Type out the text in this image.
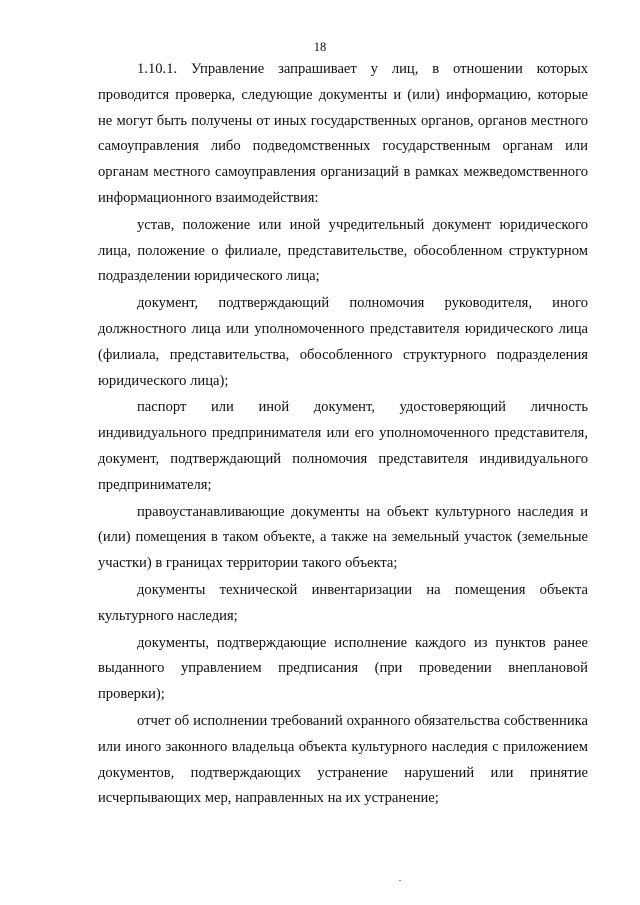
18

1.10.1. Управление запрашивает у лиц, в отношении которых проводится проверка, следующие документы и (или) информацию, которые не могут быть получены от иных государственных органов, органов местного самоуправления либо подведомственных государственным органам или органам местного самоуправления организаций в рамках межведомственного информационного взаимодействия:

устав, положение или иной учредительный документ юридического лица, положение о филиале, представительстве, обособленном структурном подразделении юридического лица;

документ, подтверждающий полномочия руководителя, иного должностного лица или уполномоченного представителя юридического лица (филиала, представительства, обособленного структурного подразделения юридического лица);

паспорт или иной документ, удостоверяющий личность индивидуального предпринимателя или его уполномоченного представителя, документ, подтверждающий полномочия представителя индивидуального предпринимателя;

правоустанавливающие документы на объект культурного наследия и (или) помещения в таком объекте, а также на земельный участок (земельные участки) в границах территории такого объекта;

документы технической инвентаризации на помещения объекта культурного наследия;

документы, подтверждающие исполнение каждого из пунктов ранее выданного управлением предписания (при проведении внеплановой проверки);

отчет об исполнении требований охранного обязательства собственника или иного законного владельца объекта культурного наследия с приложением документов, подтверждающих устранение нарушений или принятие исчерпывающих мер, направленных на их устранение;
